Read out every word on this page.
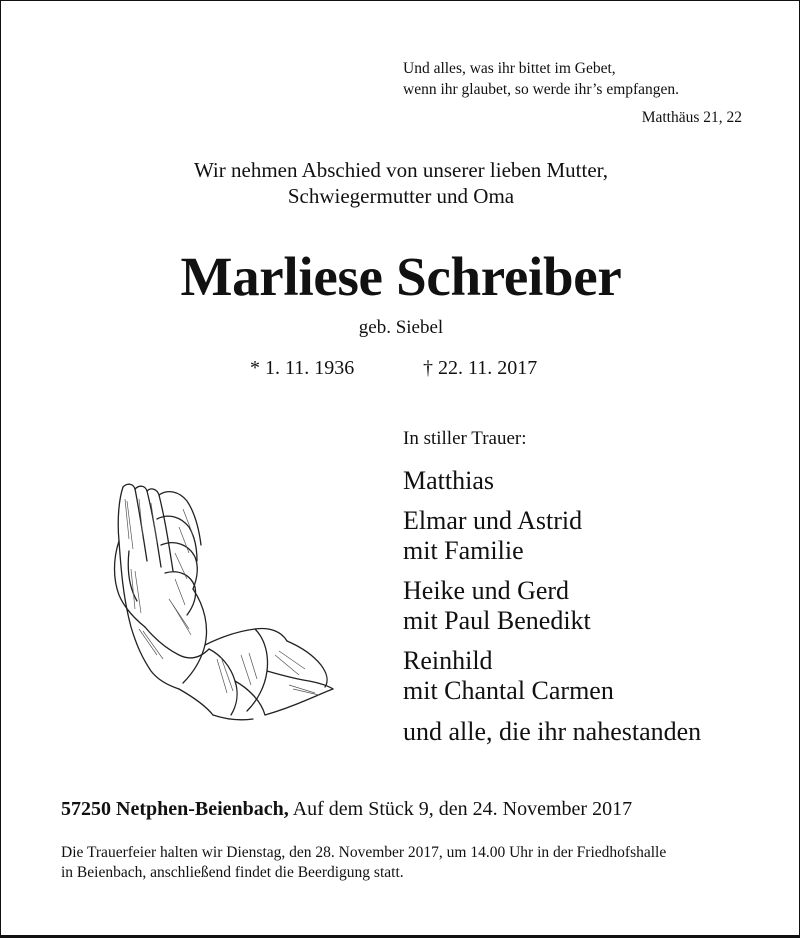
Und alles, was ihr bittet im Gebet,
wenn ihr glaubet, so werde ihr’s empfangen.
Matthäus 21, 22
Wir nehmen Abschied von unserer lieben Mutter,
Schwiegermutter und Oma
Marliese Schreiber
geb. Siebel
* 1. 11. 1936	† 22. 11. 2017
In stiller Trauer:
Matthias
Elmar und Astrid
mit Familie
Heike und Gerd
mit Paul Benedikt
Reinhild
mit Chantal Carmen
und alle, die ihr nahestanden
57250 Netphen-Beienbach, Auf dem Stück 9, den 24. November 2017
Die Trauerfeier halten wir Dienstag, den 28. November 2017, um 14.00 Uhr in der Friedhofshalle
in Beienbach, anschließend findet die Beerdigung statt.
